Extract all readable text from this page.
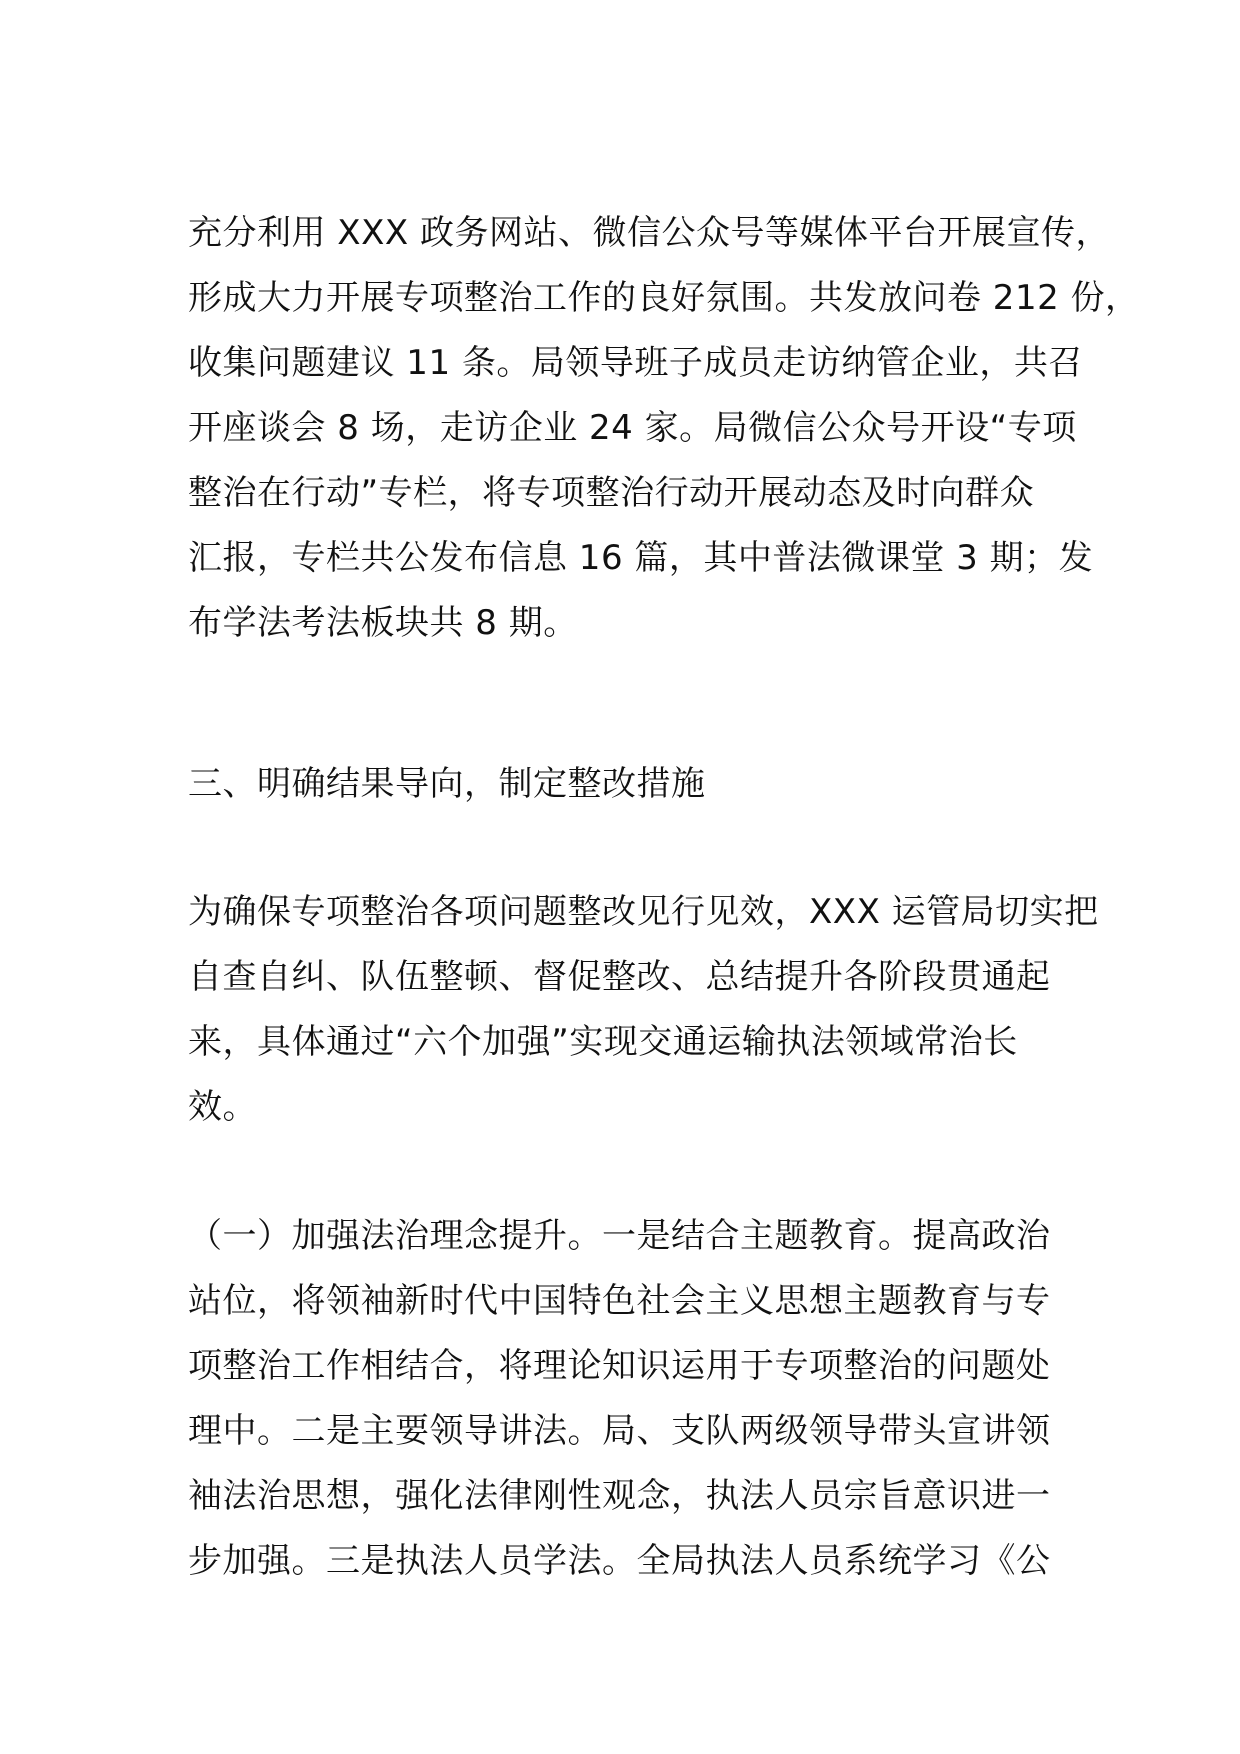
充分利用 XXX 政务网站、微信公众号等媒体平台开展宣传，
形成大力开展专项整治工作的良好氛围。共发放问卷 212 份，
收集问题建议 11 条。局领导班子成员走访纳管企业，共召
开座谈会 8 场，走访企业 24 家。局微信公众号开设“专项
整治在行动”专栏，将专项整治行动开展动态及时向群众
汇报，专栏共公发布信息 16 篇，其中普法微课堂 3 期；发
布学法考法板块共 8 期。
三、明确结果导向，制定整改措施
为确保专项整治各项问题整改见行见效，XXX 运管局切实把
自查自纠、队伍整顿、督促整改、总结提升各阶段贯通起
来，具体通过“六个加强”实现交通运输执法领域常治长
效。
（一）加强法治理念提升。一是结合主题教育。提高政治
站位，将领袖新时代中国特色社会主义思想主题教育与专
项整治工作相结合，将理论知识运用于专项整治的问题处
理中。二是主要领导讲法。局、支队两级领导带头宣讲领
袖法治思想，强化法律刚性观念，执法人员宗旨意识进一
步加强。三是执法人员学法。全局执法人员系统学习《公
